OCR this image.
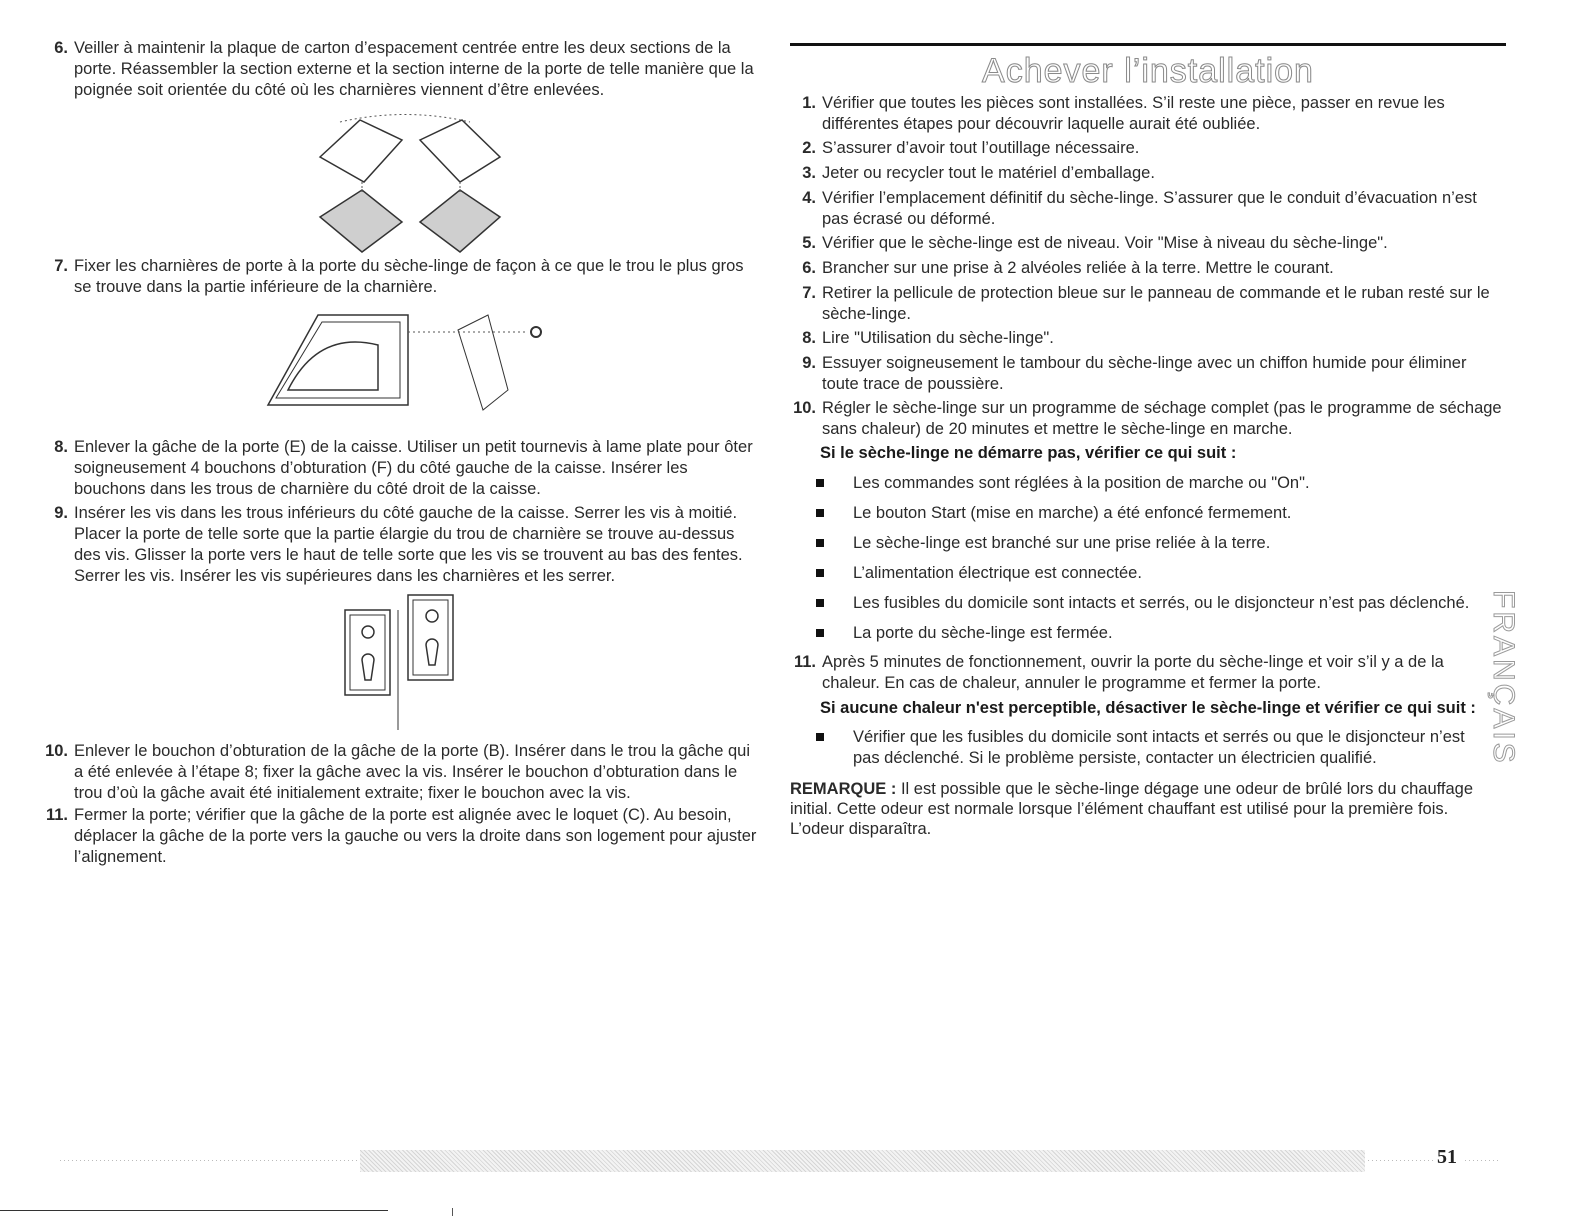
6. Veiller à maintenir la plaque de carton d’espacement centrée entre les deux sections de la porte. Réassembler la section externe et la section interne de la porte de telle manière que la poignée soit orientée du côté où les charnières viennent d’être enlevées.
7. Fixer les charnières de porte à la porte du sèche-linge de façon à ce que le trou le plus gros se trouve dans la partie inférieure de la charnière.
8. Enlever la gâche de la porte (E) de la caisse. Utiliser un petit tournevis à lame plate pour ôter soigneusement 4 bouchons d’obturation (F) du côté gauche de la caisse. Insérer les bouchons dans les trous de charnière du côté droit de la caisse.
9. Insérer les vis dans les trous inférieurs du côté gauche de la caisse. Serrer les vis à moitié. Placer la porte de telle sorte que la partie élargie du trou de charnière se trouve au-dessus des vis. Glisser la porte vers le haut de telle sorte que les vis se trouvent au bas des fentes. Serrer les vis. Insérer les vis supérieures dans les charnières et les serrer.
10. Enlever le bouchon d’obturation de la gâche de la porte (B). Insérer dans le trou la gâche qui a été enlevée à l’étape 8; fixer la gâche avec la vis. Insérer le bouchon d’obturation dans le trou d’où la gâche avait été initialement extraite; fixer le bouchon avec la vis.
11. Fermer la porte; vérifier que la gâche de la porte est alignée avec le loquet (C). Au besoin, déplacer la gâche de la porte vers la gauche ou vers la droite dans son logement pour ajuster l’alignement.
Achever l’installation
1. Vérifier que toutes les pièces sont installées. S’il reste une pièce, passer en revue les différentes étapes pour découvrir laquelle aurait été oubliée.
2. S’assurer d’avoir tout l’outillage nécessaire.
3. Jeter ou recycler tout le matériel d’emballage.
4. Vérifier l’emplacement définitif du sèche-linge. S’assurer que le conduit d’évacuation n’est pas écrasé ou déformé.
5. Vérifier que le sèche-linge est de niveau. Voir "Mise à niveau du sèche-linge".
6. Brancher sur une prise à 2 alvéoles reliée à la terre. Mettre le courant.
7. Retirer la pellicule de protection bleue sur le panneau de commande et le ruban resté sur le sèche-linge.
8. Lire "Utilisation du sèche-linge".
9. Essuyer soigneusement le tambour du sèche-linge avec un chiffon humide pour éliminer toute trace de poussière.
10. Régler le sèche-linge sur un programme de séchage complet (pas le programme de séchage sans chaleur) de 20 minutes et mettre le sèche-linge en marche.
Si le sèche-linge ne démarre pas, vérifier ce qui suit :
Les commandes sont réglées à la position de marche ou "On".
Le bouton Start (mise en marche) a été enfoncé fermement.
Le sèche-linge est branché sur une prise reliée à la terre.
L’alimentation électrique est connectée.
Les fusibles du domicile sont intacts et serrés, ou le disjoncteur n’est pas déclenché.
La porte du sèche-linge est fermée.
11. Après 5 minutes de fonctionnement, ouvrir la porte du sèche-linge et voir s’il y a de la chaleur. En cas de chaleur, annuler le programme et fermer la porte.
Si aucune chaleur n'est perceptible, désactiver le sèche-linge et vérifier ce qui suit :
Vérifier que les fusibles du domicile sont intacts et serrés ou que le disjoncteur n’est pas déclenché. Si le problème persiste, contacter un électricien qualifié.
REMARQUE : Il est possible que le sèche-linge dégage une odeur de brûlé lors du chauffage initial. Cette odeur est normale lorsque l’élément chauffant est utilisé pour la première fois. L’odeur disparaîtra.
FRANÇAIS
51
